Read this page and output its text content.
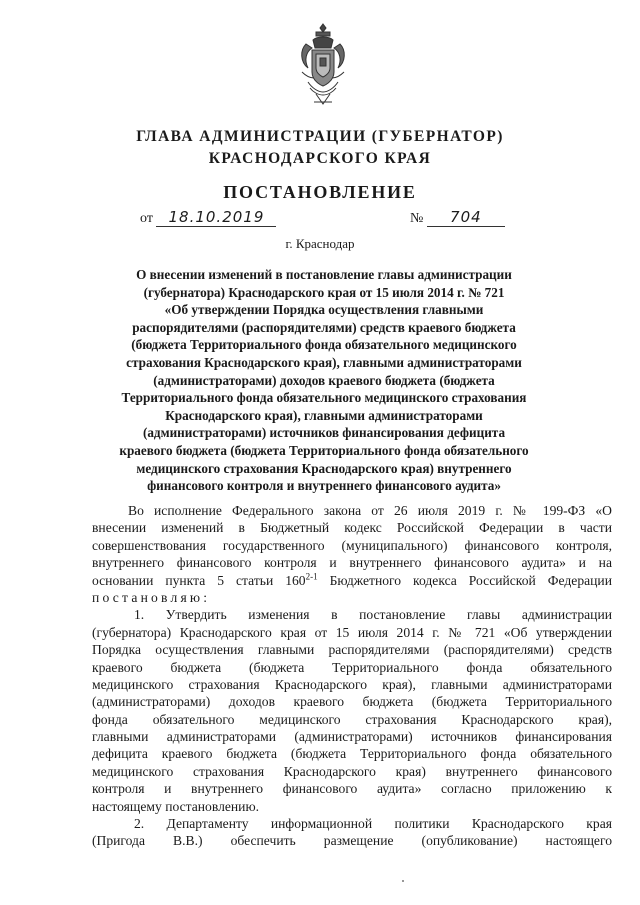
ГЛАВА АДМИНИСТРАЦИИ (ГУБЕРНАТОР)
КРАСНОДАРСКОГО КРАЯ
ПОСТАНОВЛЕНИЕ
от 18.10.2019	№ 704
г. Краснодар
О внесении изменений в постановление главы администрации
(губернатора) Краснодарского края от 15 июля 2014 г. № 721
«Об утверждении Порядка осуществления главными
распорядителями (распорядителями) средств краевого бюджета
(бюджета Территориального фонда обязательного медицинского
страхования Краснодарского края), главными администраторами
(администраторами) доходов краевого бюджета (бюджета
Территориального фонда обязательного медицинского страхования
Краснодарского края), главными администраторами
(администраторами) источников финансирования дефицита
краевого бюджета (бюджета Территориального фонда обязательного
медицинского страхования Краснодарского края) внутреннего
финансового контроля и внутреннего финансового аудита»
Во исполнение Федерального закона от 26 июля 2019 г. № 199-ФЗ «О
внесении изменений в Бюджетный кодекс Российской Федерации в части
совершенствования государственного (муниципального) финансового контроля,
внутреннего финансового контроля и внутреннего финансового аудита» и на
основании пункта 5 статьи 160$^{2-1}$ Бюджетного кодекса Российской Федерации
постановляю:
1. Утвердить изменения в постановление главы администрации
(губернатора) Краснодарского края от 15 июля 2014 г. № 721 «Об утверждении
Порядка осуществления главными распорядителями (распорядителями) средств
краевого бюджета (бюджета Территориального фонда обязательного
медицинского страхования Краснодарского края), главными администраторами
(администраторами) доходов краевого бюджета (бюджета Территориального
фонда обязательного медицинского страхования Краснодарского края),
главными администраторами (администраторами) источников финансирования
дефицита краевого бюджета (бюджета Территориального фонда обязательного
медицинского страхования Краснодарского края) внутреннего финансового
контроля и внутреннего финансового аудита» согласно приложению к
настоящему постановлению.
2. Департаменту информационной политики Краснодарского края
(Пригода В.В.) обеспечить размещение (опубликование) настоящего
